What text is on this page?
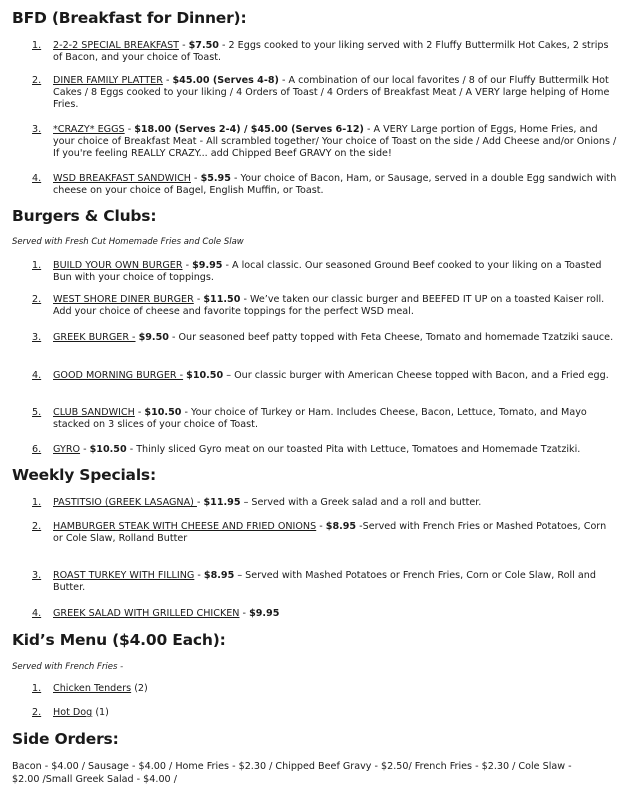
BFD (Breakfast for Dinner):
1. 2-2-2 SPECIAL BREAKFAST - $7.50 - 2 Eggs cooked to your liking served with 2 Fluffy Buttermilk Hot Cakes, 2 strips of Bacon, and your choice of Toast.
2. DINER FAMILY PLATTER - $45.00 (Serves 4-8) - A combination of our local favorites / 8 of our Fluffy Buttermilk Hot Cakes / 8 Eggs cooked to your liking / 4 Orders of Toast / 4 Orders of Breakfast Meat / A VERY large helping of Home Fries.
3. *CRAZY* EGGS - $18.00 (Serves 2-4) / $45.00 (Serves 6-12) - A VERY Large portion of Eggs, Home Fries, and your choice of Breakfast Meat - All scrambled together/ Your choice of Toast on the side / Add Cheese and/or Onions / If you're feeling REALLY CRAZY... add Chipped Beef GRAVY on the side!
4. WSD BREAKFAST SANDWICH - $5.95 - Your choice of Bacon, Ham, or Sausage, served in a double Egg sandwich with cheese on your choice of Bagel, English Muffin, or Toast.
Burgers & Clubs:
Served with Fresh Cut Homemade Fries and Cole Slaw
1. BUILD YOUR OWN BURGER - $9.95 - A local classic. Our seasoned Ground Beef cooked to your liking on a Toasted Bun with your choice of toppings.
2. WEST SHORE DINER BURGER - $11.50 - We’ve taken our classic burger and BEEFED IT UP on a toasted Kaiser roll. Add your choice of cheese and favorite toppings for the perfect WSD meal.
3. GREEK BURGER - $9.50 - Our seasoned beef patty topped with Feta Cheese, Tomato and homemade Tzatziki sauce.
4. GOOD MORNING BURGER - $10.50 – Our classic burger with American Cheese topped with Bacon, and a Fried egg.
5. CLUB SANDWICH - $10.50 - Your choice of Turkey or Ham. Includes Cheese, Bacon, Lettuce, Tomato, and Mayo stacked on 3 slices of your choice of Toast.
6. GYRO - $10.50 - Thinly sliced Gyro meat on our toasted Pita with Lettuce, Tomatoes and Homemade Tzatziki.
Weekly Specials:
1. PASTITSIO (GREEK LASAGNA) - $11.95 – Served with a Greek salad and a roll and butter.
2. HAMBURGER STEAK WITH CHEESE AND FRIED ONIONS - $8.95 -Served with French Fries or Mashed Potatoes, Corn or Cole Slaw, Rolland Butter
3. ROAST TURKEY WITH FILLING - $8.95 – Served with Mashed Potatoes or French Fries, Corn or Cole Slaw, Roll and Butter.
4. GREEK SALAD WITH GRILLED CHICKEN - $9.95
Kid’s Menu ($4.00 Each):
Served with French Fries -
1. Chicken Tenders (2)
2. Hot Dog (1)
Side Orders:
Bacon - $4.00 / Sausage - $4.00 / Home Fries - $2.30 / Chipped Beef Gravy - $2.50/ French Fries - $2.30 / Cole Slaw - $2.00 /Small Greek Salad - $4.00 /
